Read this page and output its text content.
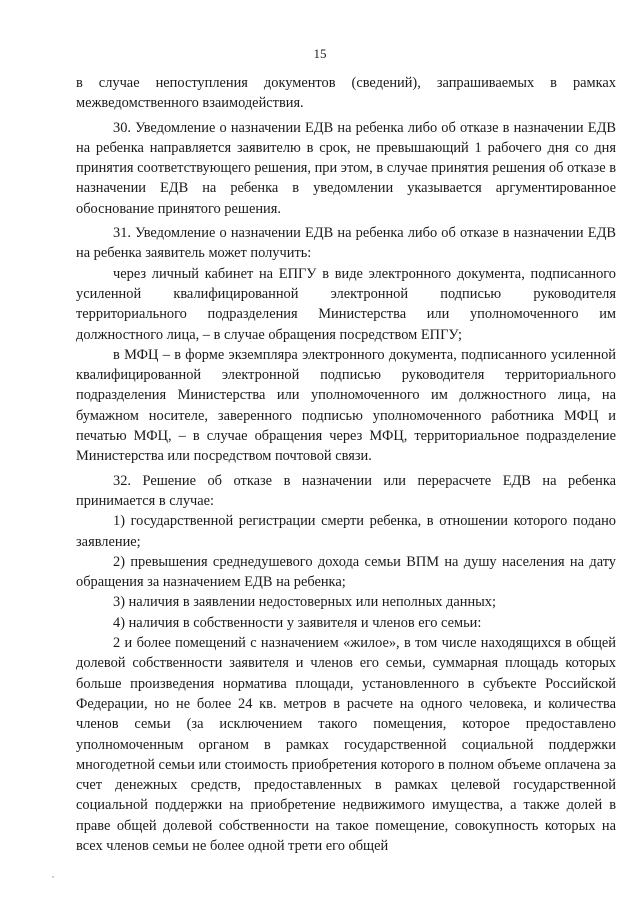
15

в случае непоступления документов (сведений), запрашиваемых в рамках межведомственного взаимодействия.

30. Уведомление о назначении ЕДВ на ребенка либо об отказе в назначении ЕДВ на ребенка направляется заявителю в срок, не превышающий 1 рабочего дня со дня принятия соответствующего решения, при этом, в случае принятия решения об отказе в назначении ЕДВ на ребенка в уведомлении указывается аргументированное обоснование принятого решения.

31. Уведомление о назначении ЕДВ на ребенка либо об отказе в назначении ЕДВ на ребенка заявитель может получить:

через личный кабинет на ЕПГУ в виде электронного документа, подписанного усиленной квалифицированной электронной подписью руководителя территориального подразделения Министерства или уполномоченного им должностного лица, – в случае обращения посредством ЕПГУ;

в МФЦ – в форме экземпляра электронного документа, подписанного усиленной квалифицированной электронной подписью руководителя территориального подразделения Министерства или уполномоченного им должностного лица, на бумажном носителе, заверенного подписью уполномоченного работника МФЦ и печатью МФЦ, – в случае обращения через МФЦ, территориальное подразделение Министерства или посредством почтовой связи.

32. Решение об отказе в назначении или перерасчете ЕДВ на ребенка принимается в случае:

1) государственной регистрации смерти ребенка, в отношении которого подано заявление;

2) превышения среднедушевого дохода семьи ВПМ на душу населения на дату обращения за назначением ЕДВ на ребенка;

3) наличия в заявлении недостоверных или неполных данных;

4) наличия в собственности у заявителя и членов его семьи:

2 и более помещений с назначением «жилое», в том числе находящихся в общей долевой собственности заявителя и членов его семьи, суммарная площадь которых больше произведения норматива площади, установленного в субъекте Российской Федерации, но не более 24 кв. метров в расчете на одного человека, и количества членов семьи (за исключением такого помещения, которое предоставлено уполномоченным органом в рамках государственной социальной поддержки многодетной семьи или стоимость приобретения которого в полном объеме оплачена за счет денежных средств, предоставленных в рамках целевой государственной социальной поддержки на приобретение недвижимого имущества, а также долей в праве общей долевой собственности на такое помещение, совокупность которых на всех членов семьи не более одной трети его общей
